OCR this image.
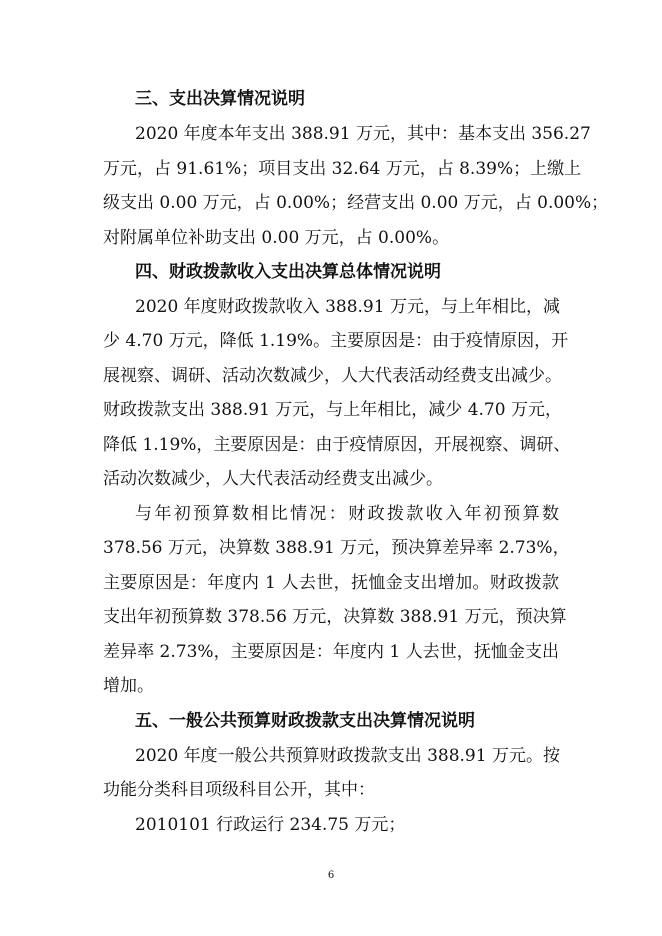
三、支出决算情况说明
2020 年度本年支出 388.91 万元，其中：基本支出 356.27
万元，占 91.61%；项目支出 32.64 万元，占 8.39%；上缴上
级支出 0.00 万元，占 0.00%；经营支出 0.00 万元，占 0.00%；
对附属单位补助支出 0.00 万元，占 0.00%。
四、财政拨款收入支出决算总体情况说明
2020 年度财政拨款收入 388.91 万元，与上年相比，减
少 4.70 万元，降低 1.19%。主要原因是：由于疫情原因，开
展视察、调研、活动次数减少，人大代表活动经费支出减少。
财政拨款支出 388.91 万元，与上年相比，减少 4.70 万元，
降低 1.19%，主要原因是：由于疫情原因，开展视察、调研、
活动次数减少，人大代表活动经费支出减少。
与年初预算数相比情况：财政拨款收入年初预算数
378.56 万元，决算数 388.91 万元，预决算差异率 2.73%，
主要原因是：年度内 1 人去世，抚恤金支出增加。财政拨款
支出年初预算数 378.56 万元，决算数 388.91 万元，预决算
差异率 2.73%，主要原因是：年度内 1 人去世，抚恤金支出
增加。
五、一般公共预算财政拨款支出决算情况说明
2020 年度一般公共预算财政拨款支出 388.91 万元。按
功能分类科目项级科目公开，其中：
2010101 行政运行 234.75 万元；
6
